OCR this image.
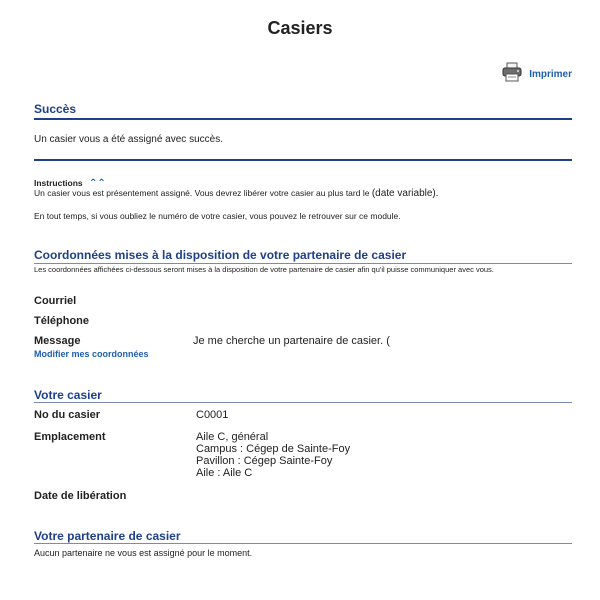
Casiers
Imprimer
Succès
Un casier vous a été assigné avec succès.
Instructions ⌃⌃
Un casier vous est présentement assigné. Vous devrez libérer votre casier au plus tard le (date variable).
En tout temps, si vous oubliez le numéro de votre casier, vous pouvez le retrouver sur ce module.
Coordonnées mises à la disposition de votre partenaire de casier
Les coordonnées affichées ci-dessous seront mises à la disposition de votre partenaire de casier afin qu'il puisse communiquer avec vous.
Courriel
Téléphone
Message	Je me cherche un partenaire de casier. (
Modifier mes coordonnées
Votre casier
No du casier	C0001
Emplacement	Aile C, général
Campus : Cégep de Sainte-Foy
Pavillon : Cégep Sainte-Foy
Aile : Aile C
Date de libération
Votre partenaire de casier
Aucun partenaire ne vous est assigné pour le moment.
